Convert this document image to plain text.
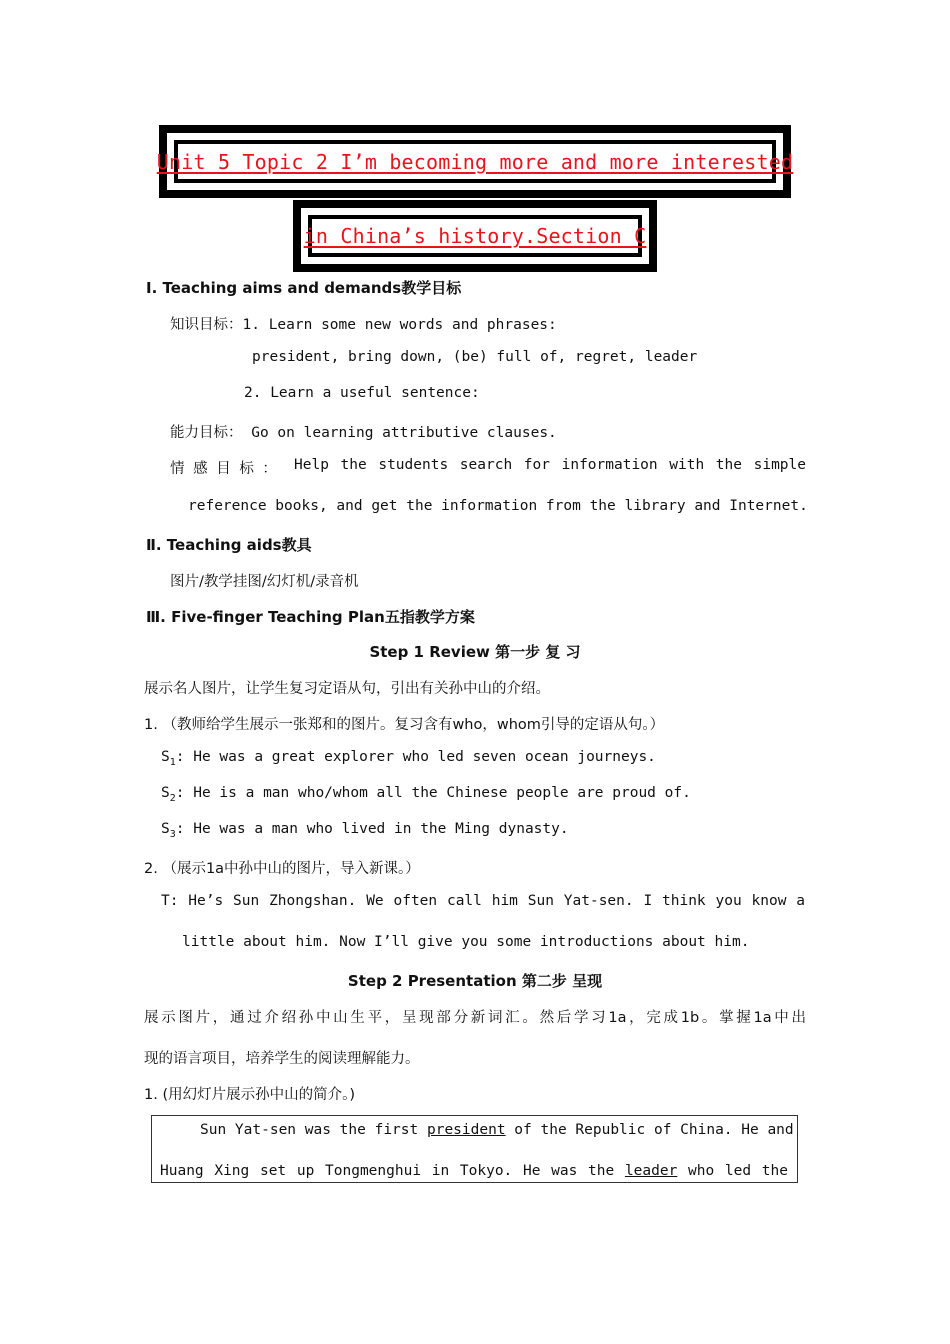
Unit 5 Topic 2 I’m becoming more and more interested
in China’s history.Section C
Ⅰ. Teaching aims and demands教学目标
知识目标：1. Learn some new words and phrases:
president, bring down, (be) full of, regret, leader
2. Learn a useful sentence:
能力目标： Go on learning attributive clauses.
情 感 目 标 ： Help the students search for information with the simple
reference books, and get the information from the library and Internet.
Ⅱ. Teaching aids教具
图片/教学挂图/幻灯机/录音机
Ⅲ. Five-finger Teaching Plan五指教学方案
Step 1 Review 第一步 复 习
展示名人图片，让学生复习定语从句，引出有关孙中山的介绍。
1. （教师给学生展示一张郑和的图片。复习含有who，whom引导的定语从句。）
$S_1$: He was a great explorer who led seven ocean journeys.
$S_2$: He is a man who/whom all the Chinese people are proud of.
$S_3$: He was a man who lived in the Ming dynasty.
2. （展示1a中孙中山的图片，导入新课。）
T: He’s Sun Zhongshan. We often call him Sun Yat-sen. I think you know a
little about him. Now I’ll give you some introductions about him.
Step 2 Presentation 第二步 呈现
展示图片，通过介绍孙中山生平，呈现部分新词汇。然后学习1a，完成1b。掌握1a中出
现的语言项目，培养学生的阅读理解能力。
1. (用幻灯片展示孙中山的简介。)
Sun Yat-sen was the first president of the Republic of China. He and
Huang Xing set up Tongmenghui in Tokyo. He was the leader who led the
